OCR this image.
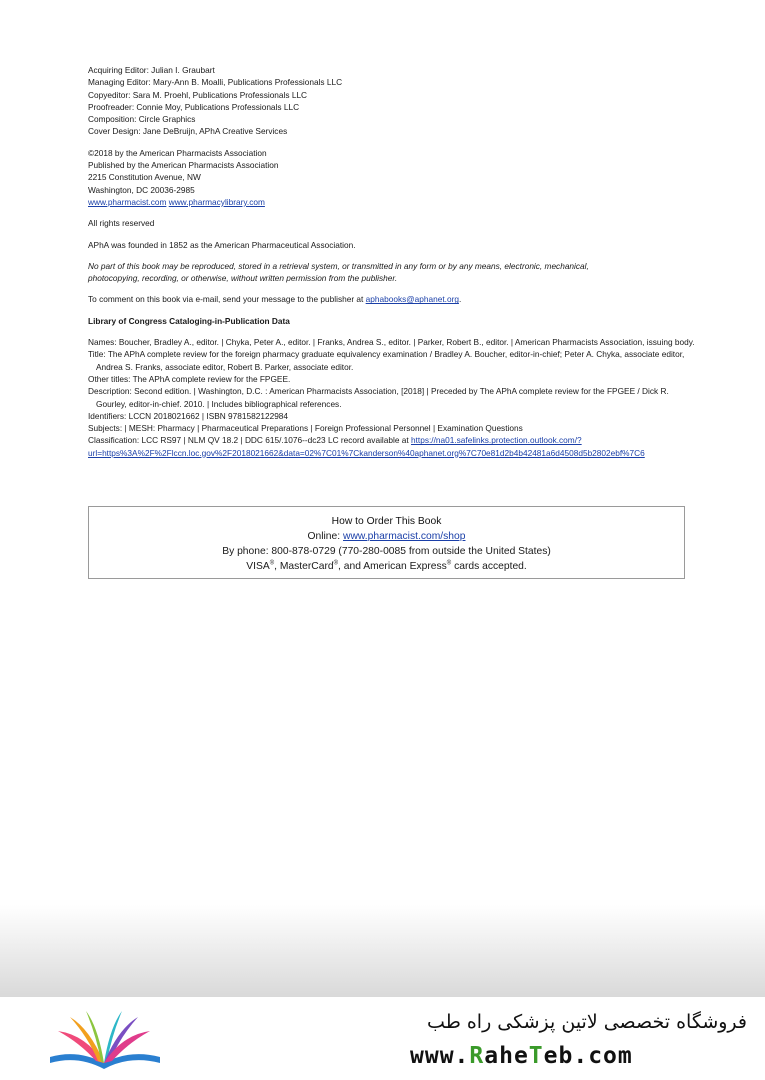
Acquiring Editor: Julian I. Graubart
Managing Editor: Mary-Ann B. Moalli, Publications Professionals LLC
Copyeditor: Sara M. Proehl, Publications Professionals LLC
Proofreader: Connie Moy, Publications Professionals LLC
Composition: Circle Graphics
Cover Design: Jane DeBruijn, APhA Creative Services
©2018 by the American Pharmacists Association
Published by the American Pharmacists Association
2215 Constitution Avenue, NW
Washington, DC 20036-2985
www.pharmacist.com www.pharmacylibrary.com
All rights reserved
APhA was founded in 1852 as the American Pharmaceutical Association.
No part of this book may be reproduced, stored in a retrieval system, or transmitted in any form or by any means, electronic, mechanical,
photocopying, recording, or otherwise, without written permission from the publisher.
To comment on this book via e-mail, send your message to the publisher at aphabooks@aphanet.org.
Library of Congress Cataloging-in-Publication Data
Names: Boucher, Bradley A., editor. | Chyka, Peter A., editor. | Franks, Andrea S., editor. | Parker, Robert B., editor. | American Pharmacists Association, issuing body.
Title: The APhA complete review for the foreign pharmacy graduate equivalency examination / Bradley A. Boucher, editor-in-chief; Peter A. Chyka, associate editor, Andrea S. Franks, associate editor, Robert B. Parker, associate editor.
Other titles: The APhA complete review for the FPGEE.
Description: Second edition. | Washington, D.C. : American Pharmacists Association, [2018] | Preceded by The APhA complete review for the FPGEE / Dick R. Gourley, editor-in-chief. 2010. | Includes bibliographical references.
Identifiers: LCCN 2018021662 | ISBN 9781582122984
Subjects: | MESH: Pharmacy | Pharmaceutical Preparations | Foreign Professional Personnel | Examination Questions
Classification: LCC RS97 | NLM QV 18.2 | DDC 615/.1076--dc23 LC record available at https://na01.safelinks.protection.outlook.com/?
url=https%3A%2F%2Flccn.loc.gov%2F2018021662&data=02%7C01%7Ckanderson%40aphanet.org%7C70e81d2b4b42481a6d4508d5b2802ebf%7C6
How to Order This Book
Online: www.pharmacist.com/shop
By phone: 800-878-0729 (770-280-0085 from outside the United States)
VISA®, MasterCard®, and American Express® cards accepted.
فروشگاه تخصصی لاتین پزشکی راه طب
www.RaheTeb.com
